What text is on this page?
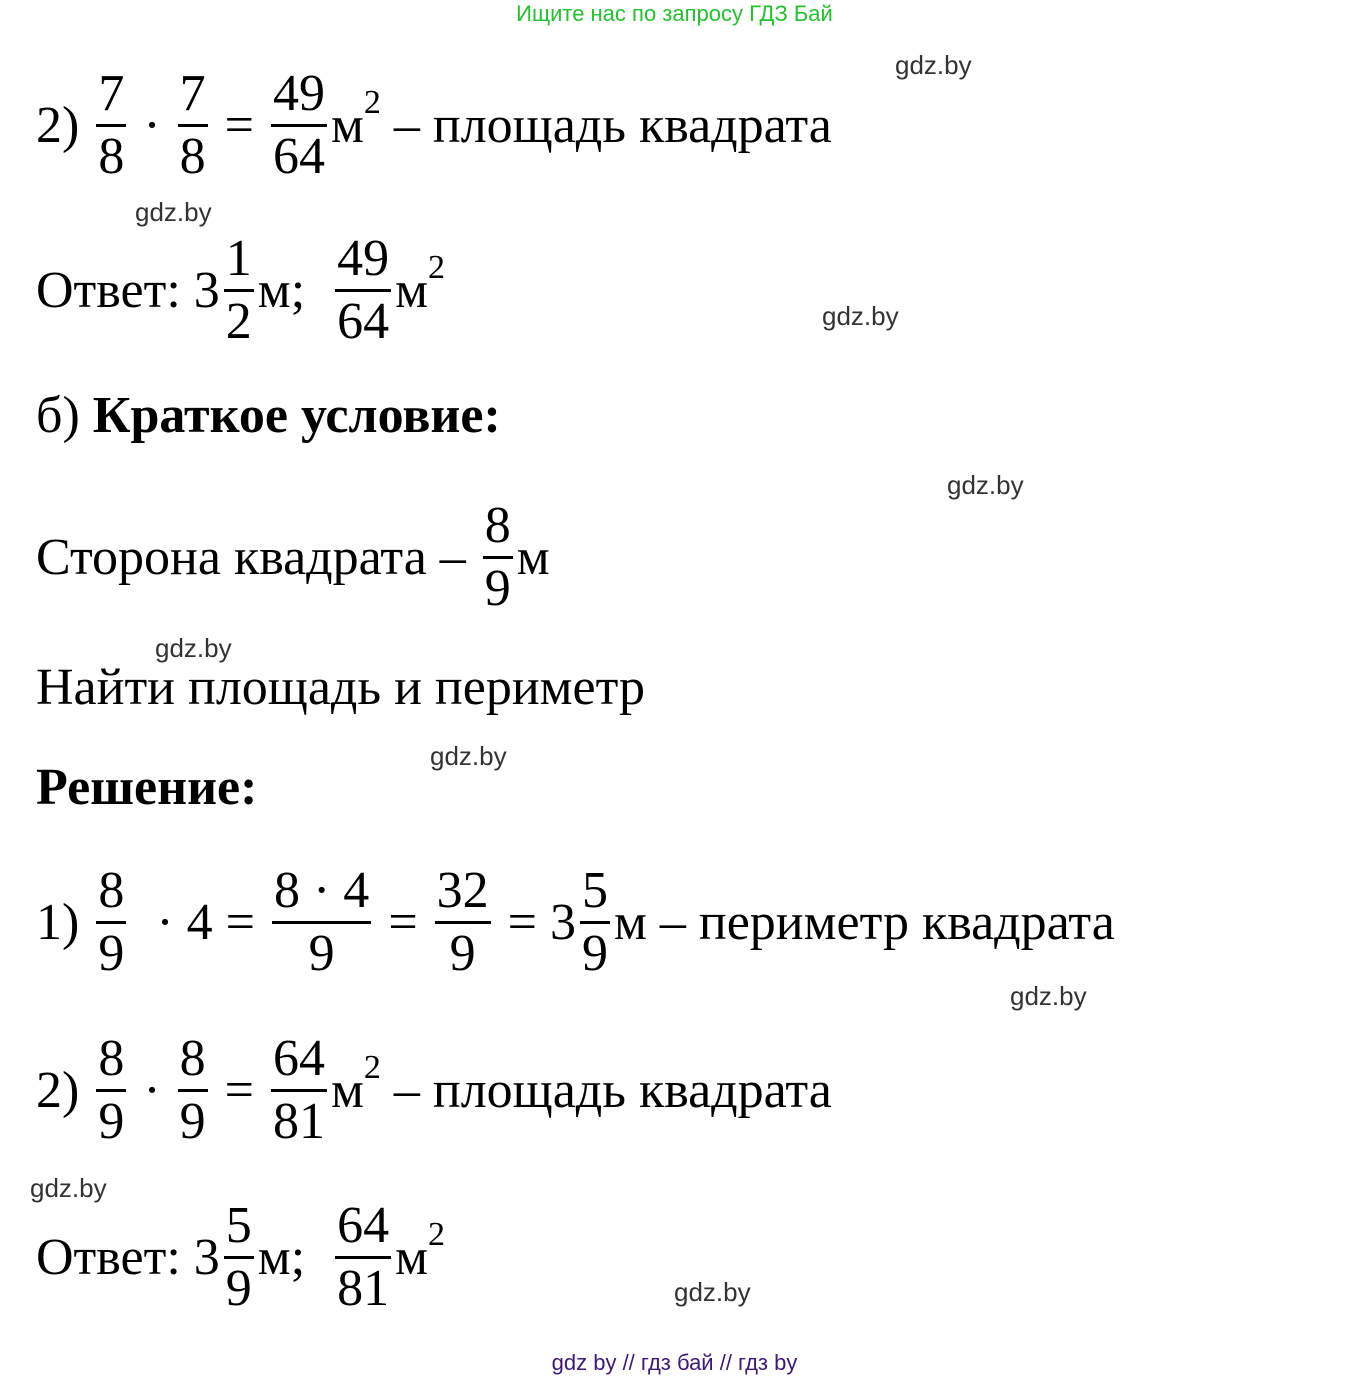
Ищите нас по запросу ГДЗ Бай
gdz.by
gdz.by
gdz.by
gdz.by
gdz.by
gdz.by
gdz.by
gdz.by
gdz.by
$2) \frac{7}{8} \cdot \frac{7}{8} = \frac{49}{64}$ м 2 – площадь квадрата
Ответ: $3 \frac{1}{2} м$; $\frac{49}{64}$ м 2
б) Краткое условие:
Сторона квадрата – $\frac{8}{9}$ м
Найти площадь и периметр
Решение:
$1) \frac{8}{9} \cdot 4 = \frac{8 \cdot 4}{9} = \frac{32}{9} = 3 \frac{5}{9}$ м – периметр квадрата
$2) \frac{8}{9} \cdot \frac{8}{9} = \frac{64}{81}$ м 2 – площадь квадрата
Ответ: $3 \frac{5}{9} м$; $\frac{64}{81}$ м 2
gdz by // гдз бай // гдз by
